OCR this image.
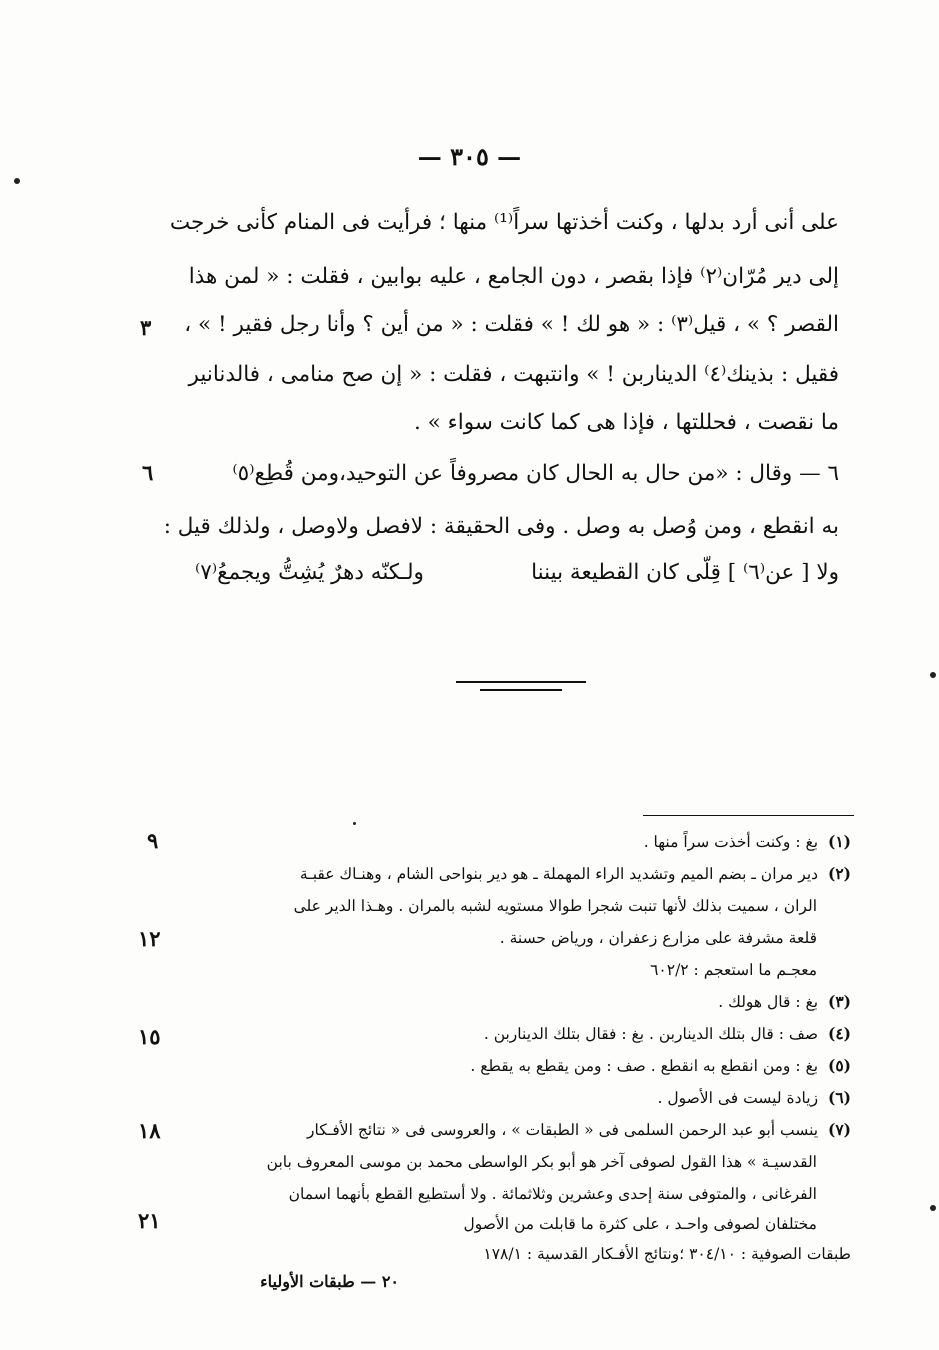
— ٣٠٥ —
على أنى أرد بدلها ، وكنت أخذتها سراً⁽¹⁾ منها ؛ فرأيت فى المنام كأنى خرجت
إلى دير مُرّان⁽٢⁾ فإذا بقصر ، دون الجامع ، عليه بوابين ، فقلت : « لمن هذا
القصر ؟ » ، قيل⁽٣⁾ : « هو لك ! » فقلت : « من أين ؟ وأنا رجل فقير ! » ،
فقيل : بذينك⁽٤⁾ الديناربن ! » وانتبهت ، فقلت : « إن صح منامى ، فالدنانير
ما نقصت ، فحللتها ، فإذا هى كما كانت سواء » .
٦ — وقال : «من حال به الحال كان مصروفاً عن التوحيد،ومن قُطِع⁽٥⁾
به انقطع ، ومن وُصل به وصل . وفى الحقيقة : لافصل ولاوصل ، ولذلك قيل :
ولا [ عن⁽٦⁾ ] قِلّى كان القطيعة بيننا
ولـكنّه دهرٌ يُشِتُّ ويجمعُ⁽٧⁾
٣
٦
٩
١٢
١٥
١٨
٢١
(١) بغ : وكنت أخذت سراً منها .
(٢) دير مران ـ بضم الميم وتشديد الراء المهملة ـ هو دير بنواحى الشام ، وهنـاك عقبـة
الران ، سميت بذلك لأنها تنبت شجرا طوالا مستويه لشبه بالمران . وهـذا الدير على
قلعة مشرفة على مزارع زعفران ، ورياض حسنة .
معجـم ما استعجم : ٦٠٢/٢
(٣) بغ : قال هولك .
(٤) صف : قال بتلك الديناربن . بغ : فقال بتلك الديناربن .
(٥) بغ : ومن انقطع به انقطع . صف : ومن يقطع به يقطع .
(٦) زيادة ليست فى الأصول .
(٧) ينسب أبو عبد الرحمن السلمى فى « الطبقات » ، والعروسى فى « نتائج الأفـكار
القدسيـة » هذا القول لصوفى آخر هو أبو بكر الواسطى محمد بن موسى المعروف بابن
الفرغانى ، والمتوفى سنة إحدى وعشرين وثلاثمائة . ولا أستطيع القطع بأنهما اسمان
مختلفان لصوفى واحـد ، على كثرة ما قابلت من الأصول
طبقات الصوفية : ٣٠٤/١٠ ؛ونتائج الأفـكار القدسية : ١٧٨/١
٢٠ — طبقات الأولياء
